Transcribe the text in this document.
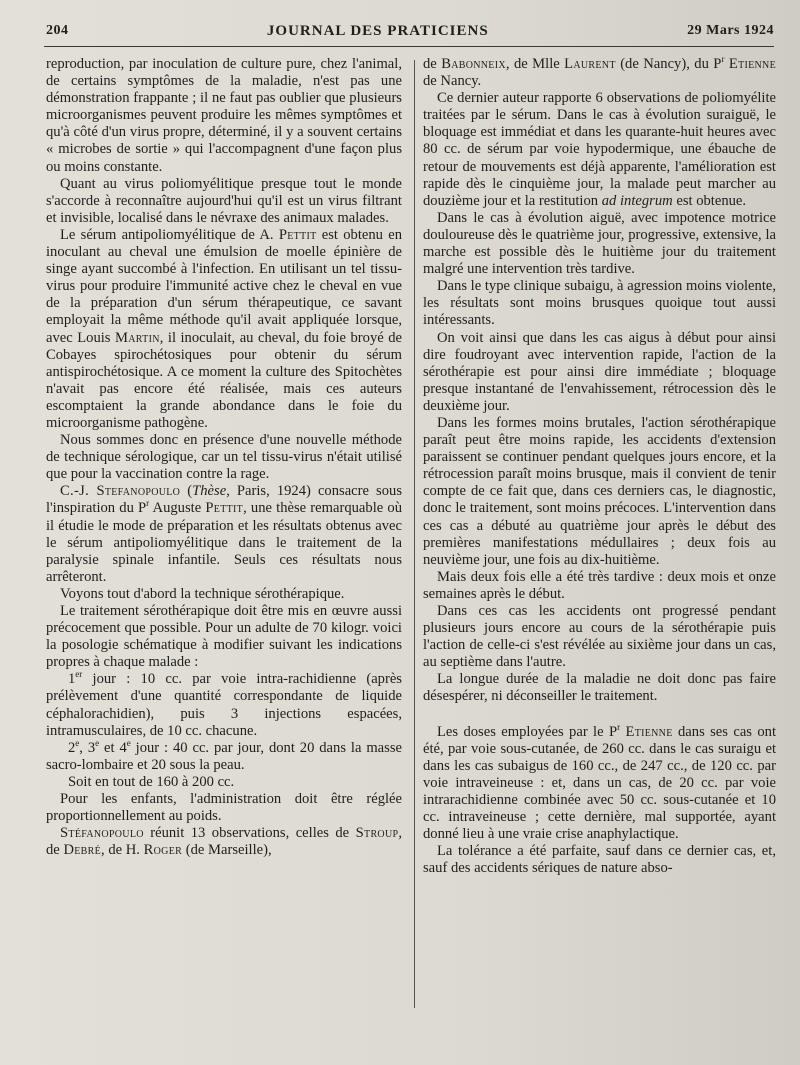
204	JOURNAL DES PRATICIENS	29 Mars 1924

reproduction, par inoculation de culture pure, chez l'animal, de certains symptômes de la maladie, n'est pas une démonstration frappante ; il ne faut pas oublier que plusieurs microorganismes peuvent produire les mêmes symptômes et qu'à côté d'un virus propre, déterminé, il y a souvent certains « microbes de sortie » qui l'accompagnent d'une façon plus ou moins constante.

Quant au virus poliomyélitique presque tout le monde s'accorde à reconnaître aujourd'hui qu'il est un virus filtrant et invisible, localisé dans le névraxe des animaux malades.

Le sérum antipoliomyélitique de A. Pettit est obtenu en inoculant au cheval une émulsion de moelle épinière de singe ayant succombé à l'infection. En utilisant un tel tissu-virus pour produire l'immunité active chez le cheval en vue de la préparation d'un sérum thérapeutique, ce savant employait la même méthode qu'il avait appliquée lorsque, avec Louis Martin, il inoculait, au cheval, du foie broyé de Cobayes spirochétosiques pour obtenir du sérum antispirochétosique. A ce moment la culture des Spitochètes n'avait pas encore été réalisée, mais ces auteurs escomptaient la grande abondance dans le foie du microorganisme pathogène.

Nous sommes donc en présence d'une nouvelle méthode de technique sérologique, car un tel tissu-virus n'était utilisé que pour la vaccination contre la rage.

C.-J. Stefanopoulo (Thèse, Paris, 1924) consacre sous l'inspiration du $P^r$ Auguste Pettit, une thèse remarquable où il étudie le mode de préparation et les résultats obtenus avec le sérum antipoliomyélitique dans le traitement de la paralysie spinale infantile. Seuls ces résultats nous arrêteront.

Voyons tout d'abord la technique sérothérapique.

Le traitement sérothérapique doit être mis en œuvre aussi précocement que possible. Pour un adulte de 70 kilogr. voici la posologie schématique à modifier suivant les indications propres à chaque malade :

1er jour : 10 cc. par voie intra-rachidienne (après prélèvement d'une quantité correspondante de liquide céphalorachidien), puis 3 injections espacées, intramusculaires, de 10 cc. chacune.

2e, 3e et 4e jour : 40 cc. par jour, dont 20 dans la masse sacro-lombaire et 20 sous la peau.

Soit en tout de 160 à 200 cc.

Pour les enfants, l'administration doit être réglée proportionnellement au poids.

Stéfanopoulo réunit 13 observations, celles de Stroup, de Debré, de H. Roger (de Marseille),

de Babonneix, de Mlle Laurent (de Nancy), du $P^r$ Etienne de Nancy.

Ce dernier auteur rapporte 6 observations de poliomyélite traitées par le sérum. Dans le cas à évolution suraiguë, le bloquage est immédiat et dans les quarante-huit heures avec 80 cc. de sérum par voie hypodermique, une ébauche de retour de mouvements est déjà apparente, l'amélioration est rapide dès le cinquième jour, la malade peut marcher au douzième jour et la restitution ad integrum est obtenue.

Dans le cas à évolution aiguë, avec impotence motrice douloureuse dès le quatrième jour, progressive, extensive, la marche est possible dès le huitième jour du traitement malgré une intervention très tardive.

Dans le type clinique subaigu, à agression moins violente, les résultats sont moins brusques quoique tout aussi intéressants.

On voit ainsi que dans les cas aigus à début pour ainsi dire foudroyant avec intervention rapide, l'action de la sérothérapie est pour ainsi dire immédiate ; bloquage presque instantané de l'envahissement, rétrocession dès le deuxième jour.

Dans les formes moins brutales, l'action sérothérapique paraît peut être moins rapide, les accidents d'extension paraissent se continuer pendant quelques jours encore, et la rétrocession paraît moins brusque, mais il convient de tenir compte de ce fait que, dans ces derniers cas, le diagnostic, donc le traitement, sont moins précoces. L'intervention dans ces cas a débuté au quatrième jour après le début des premières manifestations médullaires ; deux fois au neuvième jour, une fois au dix-huitième.

Mais deux fois elle a été très tardive : deux mois et onze semaines après le début.

Dans ces cas les accidents ont progressé pendant plusieurs jours encore au cours de la sérothérapie puis l'action de celle-ci s'est révélée au sixième jour dans un cas, au septième dans l'autre.

La longue durée de la maladie ne doit donc pas faire désespérer, ni déconseiller le traitement.

Les doses employées par le $P^r$ Etienne dans ses cas ont été, par voie sous-cutanée, de 260 cc. dans le cas suraigu et dans les cas subaigus de 160 cc., de 247 cc., de 120 cc. par voie intraveineuse : et, dans un cas, de 20 cc. par voie intrarachidienne combinée avec 50 cc. sous-cutanée et 10 cc. intraveineuse ; cette dernière, mal supportée, ayant donné lieu à une vraie crise anaphylactique.

La tolérance a été parfaite, sauf dans ce dernier cas, et, sauf des accidents sériques de nature abso-
